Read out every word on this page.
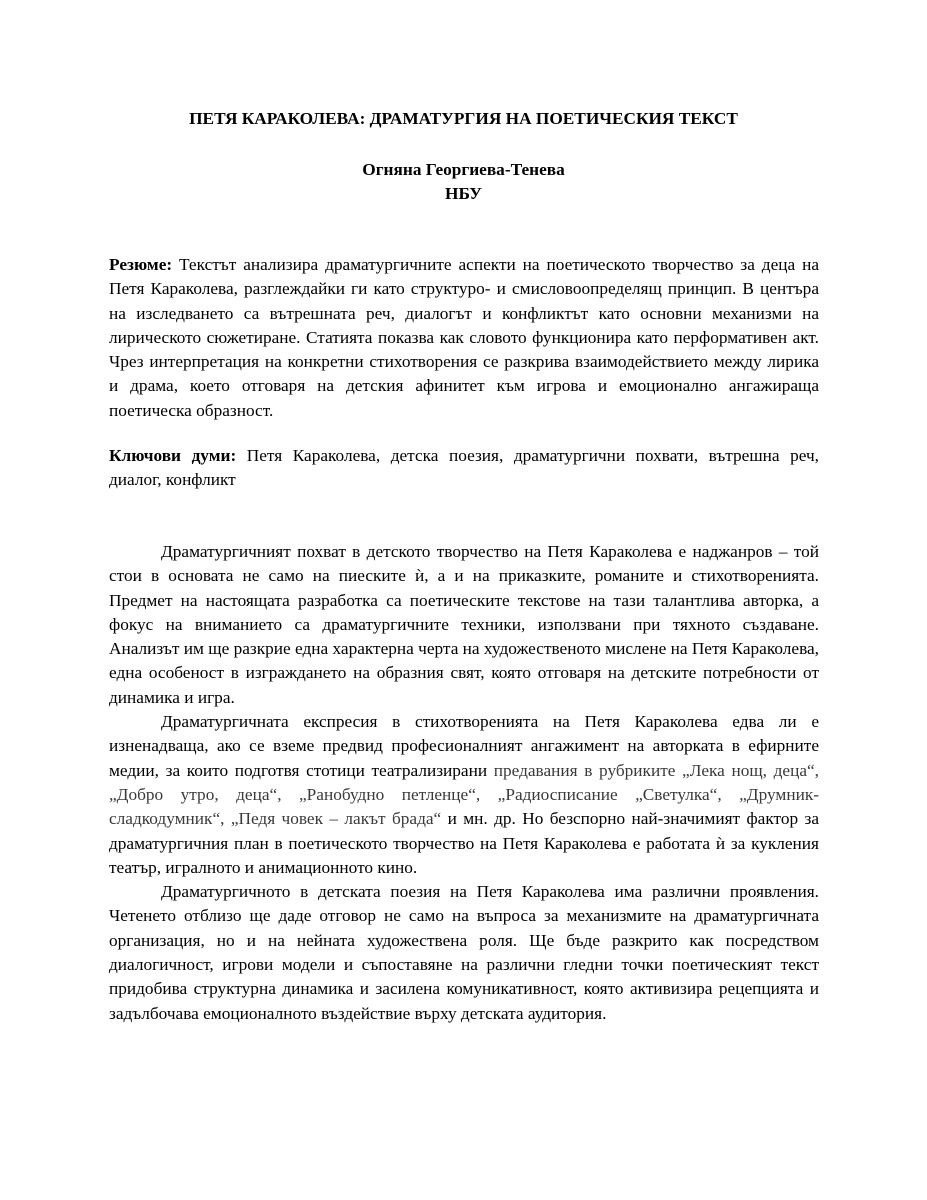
ПЕТЯ КАРАКОЛЕВА: ДРАМАТУРГИЯ НА ПОЕТИЧЕСКИЯ ТЕКСТ
Огняна Георгиева-Тенева
НБУ
Резюме: Текстът анализира драматургичните аспекти на поетическото творчество за деца на Петя Караколева, разглеждайки ги като структуро- и смисловоопределящ принцип. В центъра на изследването са вътрешната реч, диалогът и конфликтът като основни механизми на лирическото сюжетиране. Статията показва как словото функционира като перформативен акт. Чрез интерпретация на конкретни стихотворения се разкрива взаимодействието между лирика и драма, което отговаря на детския афинитет към игрова и емоционално ангажираща поетическа образност.
Ключови думи: Петя Караколева, детска поезия, драматургични похвати, вътрешна реч, диалог, конфликт

Драматургичният похват в детското творчество на Петя Караколева е наджанров – той стои в основата не само на пиеските ѝ, а и на приказките, романите и стихотворенията. Предмет на настоящата разработка са поетическите текстове на тази талантлива авторка, а фокус на вниманието са драматургичните техники, използвани при тяхното създаване. Анализът им ще разкрие една характерна черта на художественото мислене на Петя Караколева, една особеност в изграждането на образния свят, която отговаря на детските потребности от динамика и игра.

Драматургичната експресия в стихотворенията на Петя Караколева едва ли е изненадваща, ако се вземе предвид професионалният ангажимент на авторката в ефирните медии, за които подготвя стотици театрализирани предавания в рубриките „Лека нощ, деца“, „Добро утро, деца“, „Ранобудно петленце“, „Радиосписание „Светулка“, „Друмник-сладкодумник“, „Педя човек – лакът брада“ и мн. др. Но безспорно най-значимият фактор за драматургичния план в поетическото творчество на Петя Караколева е работата ѝ за кукления театър, игралното и анимационното кино.

Драматургичното в детската поезия на Петя Караколева има различни проявления. Четенето отблизо ще даде отговор не само на въпроса за механизмите на драматургичната организация, но и на нейната художествена роля. Ще бъде разкрито как посредством диалогичност, игрови модели и съпоставяне на различни гледни точки поетическият текст придобива структурна динамика и засилена комуникативност, която активизира рецепцията и задълбочава емоционалното въздействие върху детската аудитория.
